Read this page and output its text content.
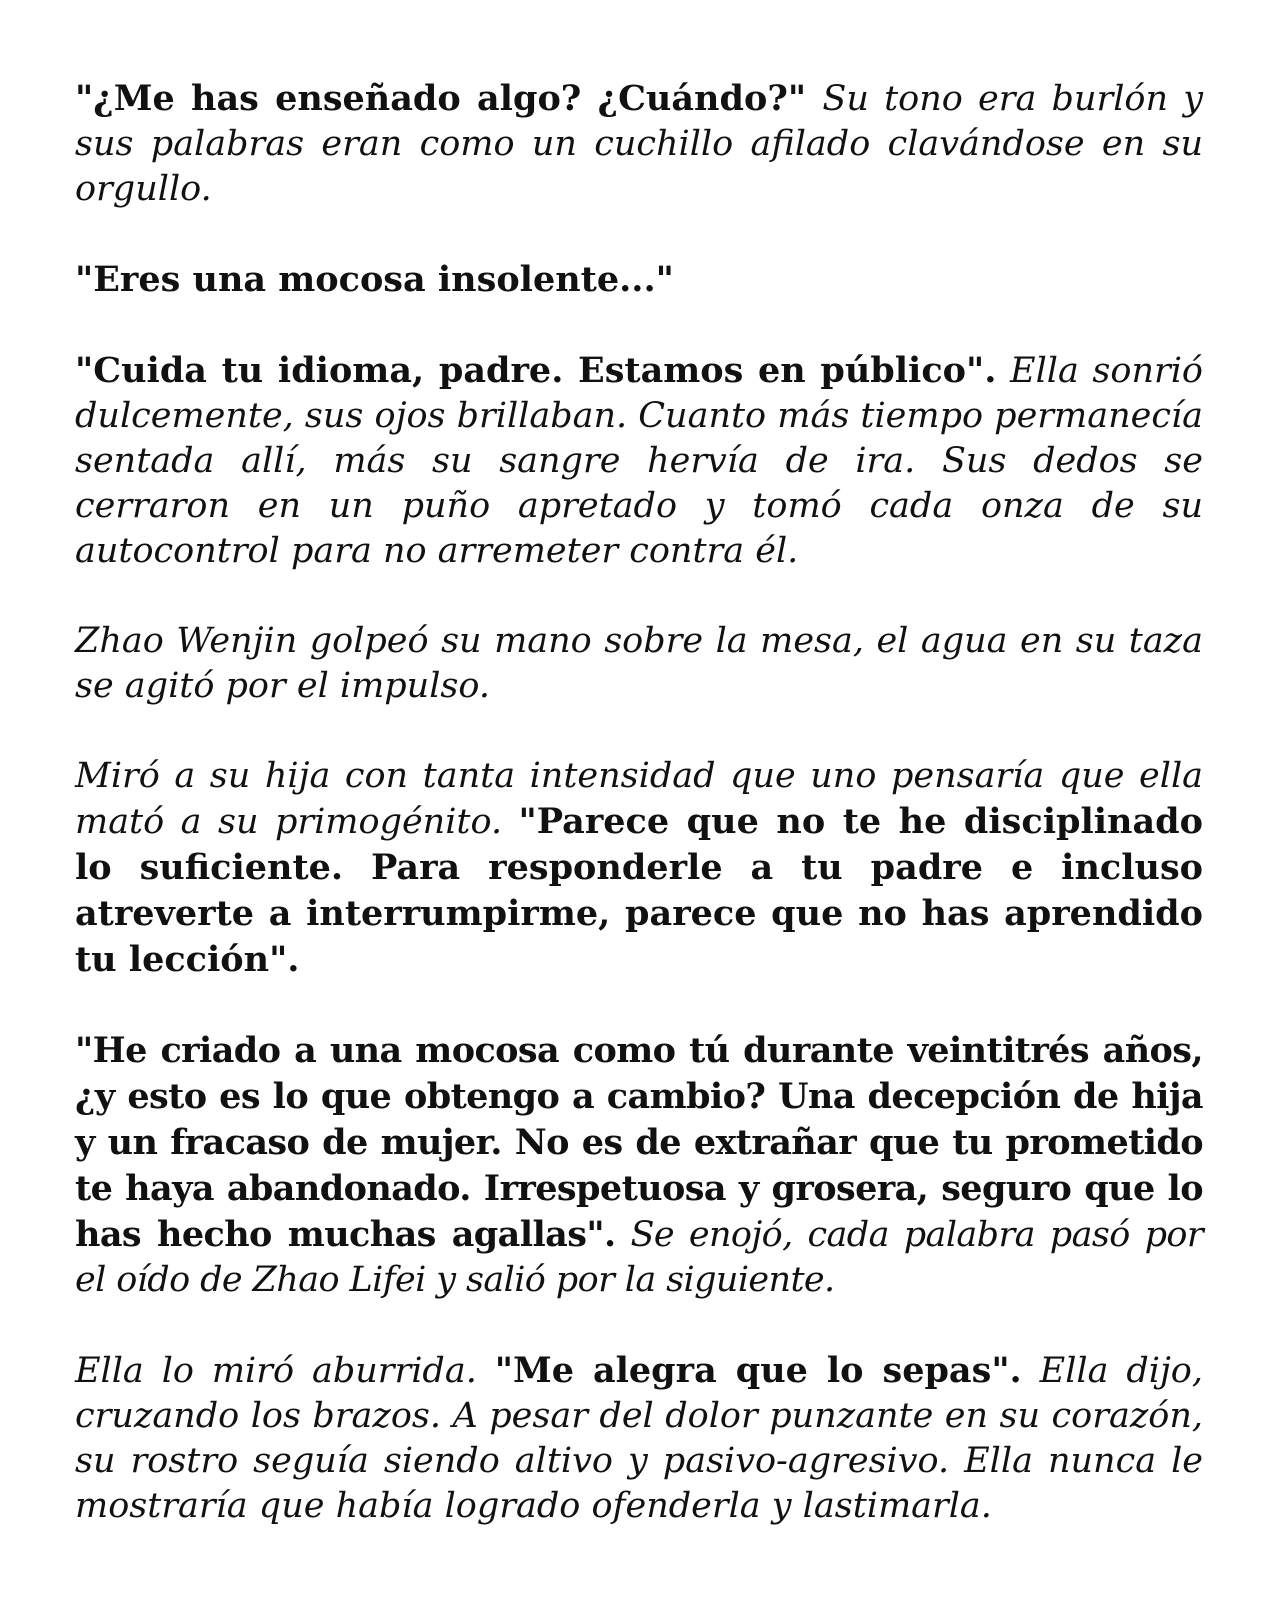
"¿Me has enseñado algo? ¿Cuándo?" Su tono era burlón y sus palabras eran como un cuchillo afilado clavándose en su orgullo.

"Eres una mocosa insolente..."

"Cuida tu idioma, padre. Estamos en público". Ella sonrió dulcemente, sus ojos brillaban. Cuanto más tiempo permanecía sentada allí, más su sangre hervía de ira. Sus dedos se cerraron en un puño apretado y tomó cada onza de su autocontrol para no arremeter contra él.

Zhao Wenjin golpeó su mano sobre la mesa, el agua en su taza se agitó por el impulso.

Miró a su hija con tanta intensidad que uno pensaría que ella mató a su primogénito. "Parece que no te he disciplinado lo suficiente. Para responderle a tu padre e incluso atreverte a interrumpirme, parece que no has aprendido tu lección".

"He criado a una mocosa como tú durante veintitrés años, ¿y esto es lo que obtengo a cambio? Una decepción de hija y un fracaso de mujer. No es de extrañar que tu prometido te haya abandonado. Irrespetuosa y grosera, seguro que lo has hecho muchas agallas". Se enojó, cada palabra pasó por el oído de Zhao Lifei y salió por la siguiente.

Ella lo miró aburrida. "Me alegra que lo sepas". Ella dijo, cruzando los brazos. A pesar del dolor punzante en su corazón, su rostro seguía siendo altivo y pasivo-agresivo. Ella nunca le mostraría que había logrado ofenderla y lastimarla.
